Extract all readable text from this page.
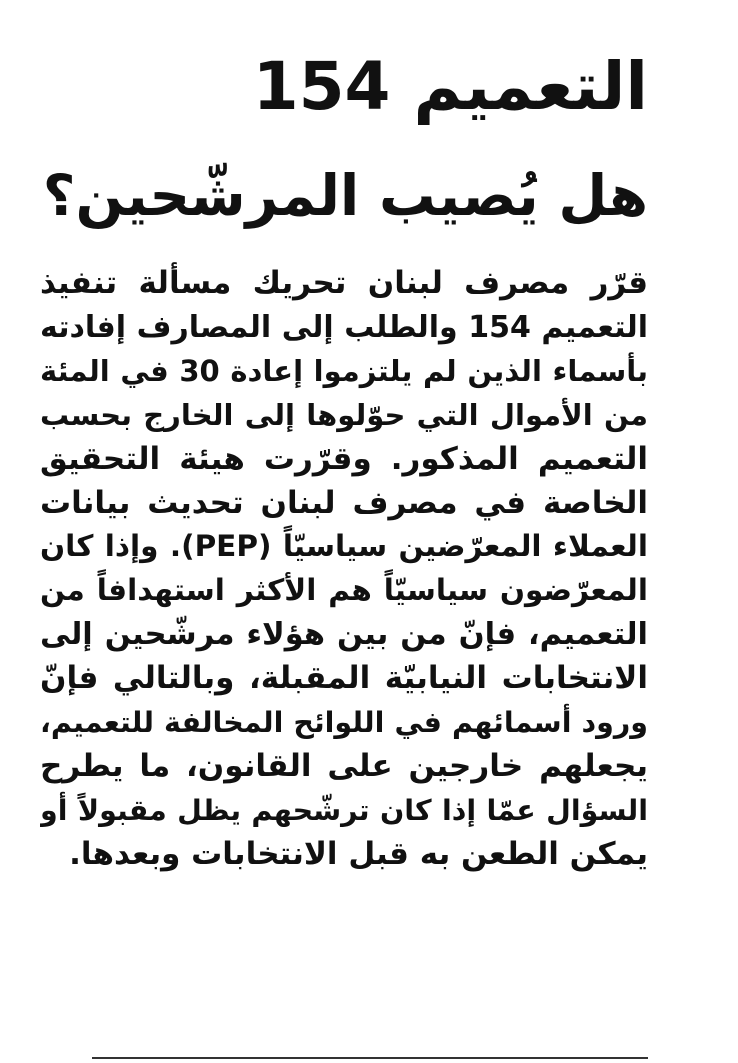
التعميم 154
هل يُصيب المرشّحين؟
قرّر مصرف لبنان تحريك مسألة تنفيذ
التعميم 154 والطلب إلى المصارف إفادته
بأسماء الذين لم يلتزموا إعادة 30 في المئة
من الأموال التي حوّلوها إلى الخارج بحسب
التعميم المذكور. وقرّرت هيئة التحقيق
الخاصة في مصرف لبنان تحديث بيانات
العملاء المعرّضين سياسيّاً (PEP). وإذا كان
المعرّضون سياسيّاً هم الأكثر استهدافاً من
التعميم، فإنّ من بين هؤلاء مرشّحين إلى
الانتخابات النيابيّة المقبلة، وبالتالي فإنّ
ورود أسمائهم في اللوائح المخالفة للتعميم،
يجعلهم خارجين على القانون، ما يطرح
السؤال عمّا إذا كان ترشّحهم يظل مقبولاً أو
يمكن الطعن به قبل الانتخابات وبعدها.
